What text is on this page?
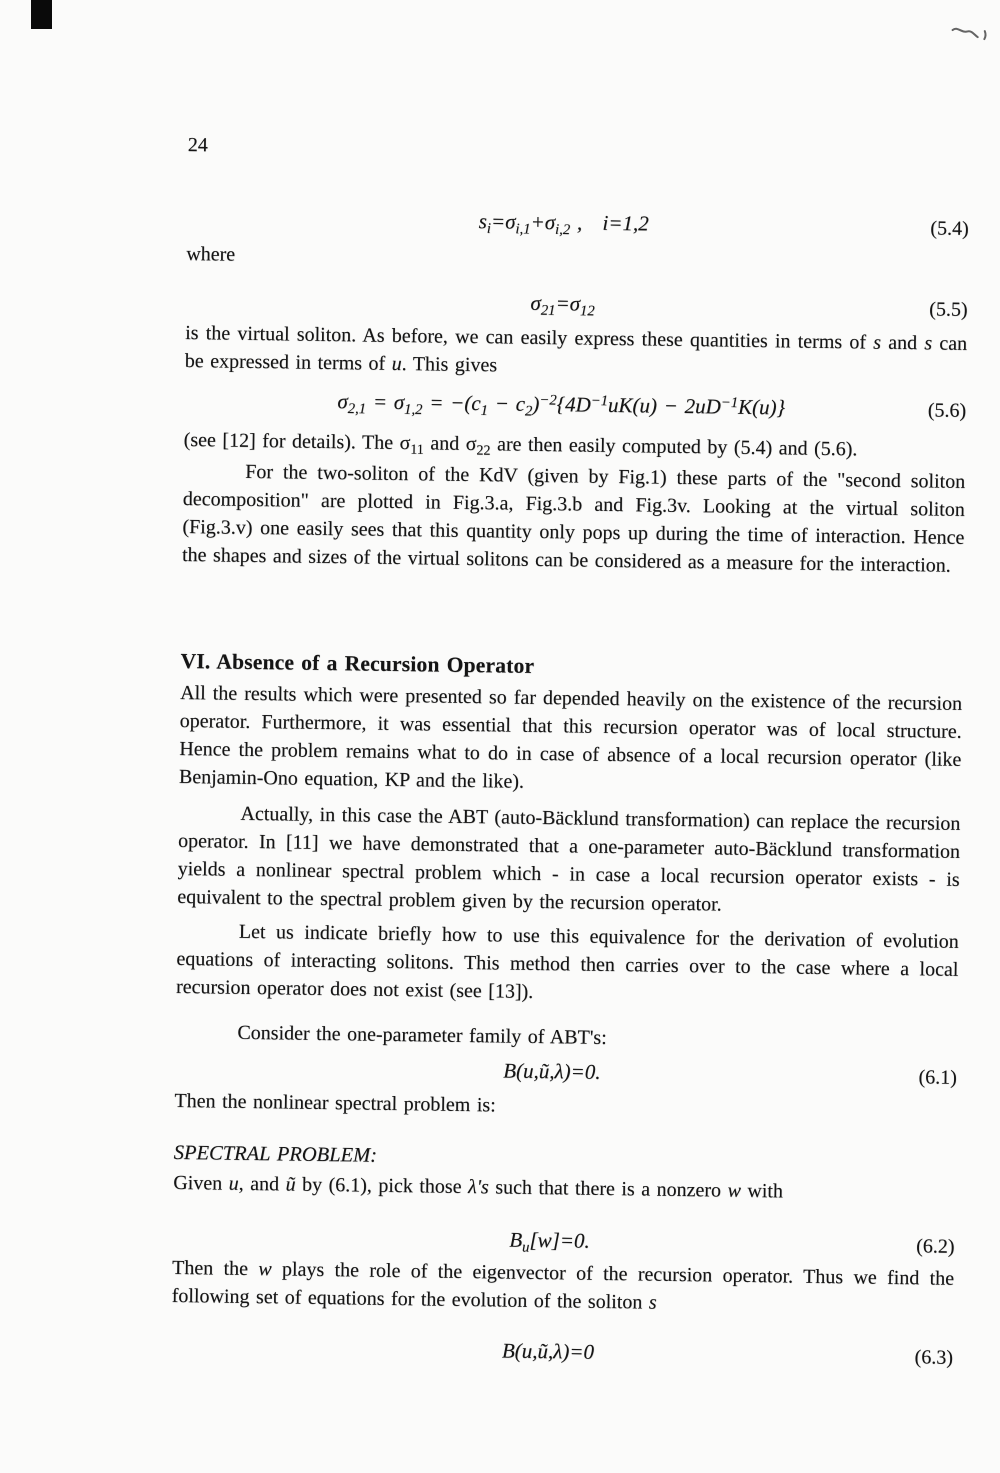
24
$s_i=\sigma_{i,1}+\sigma_{i,2}$ ,   i=1,2	(5.4)

where

$\sigma_{21}=\sigma_{12}$	(5.5)

is the virtual soliton. As before, we can easily express these quantities in terms of s and s can be expressed in terms of u. This gives

$\sigma_{2,1} = \sigma_{1,2} = -(c_1 - c_2)^{-2}\{4D^{-1}uK(u) - 2uD^{-1}K(u)\}$	(5.6)

(see [12] for details). The $\sigma_{11}$ and $\sigma_{22}$ are then easily computed by (5.4) and (5.6).

For the two-soliton of the KdV (given by Fig.1) these parts of the "second soliton decomposition" are plotted in Fig.3.a, Fig.3.b and Fig.3v. Looking at the virtual soliton (Fig.3.v) one easily sees that this quantity only pops up during the time of interaction. Hence the shapes and sizes of the virtual solitons can be considered as a measure for the interaction.

VI. Absence of a Recursion Operator

All the results which were presented so far depended heavily on the existence of the recursion operator. Furthermore, it was essential that this recursion operator was of local structure. Hence the problem remains what to do in case of absence of a local recursion operator (like Benjamin-Ono equation, KP and the like).

Actually, in this case the ABT (auto-Bäcklund transformation) can replace the recursion operator. In [11] we have demonstrated that a one-parameter auto-Bäcklund transformation yields a nonlinear spectral problem which - in case a local recursion operator exists - is equivalent to the spectral problem given by the recursion operator.

Let us indicate briefly how to use this equivalence for the derivation of evolution equations of interacting solitons. This method then carries over to the case where a local recursion operator does not exist (see [13]).

Consider the one-parameter family of ABT's:

B(u,ũ,λ)=0.	(6.1)

Then the nonlinear spectral problem is:

SPECTRAL PROBLEM:

Given u, and ũ by (6.1), pick those λ's such that there is a nonzero w with

$B_u[w]=0$.	(6.2)

Then the w plays the role of the eigenvector of the recursion operator. Thus we find the following set of equations for the evolution of the soliton s

B(u,ũ,λ)=0	(6.3)
